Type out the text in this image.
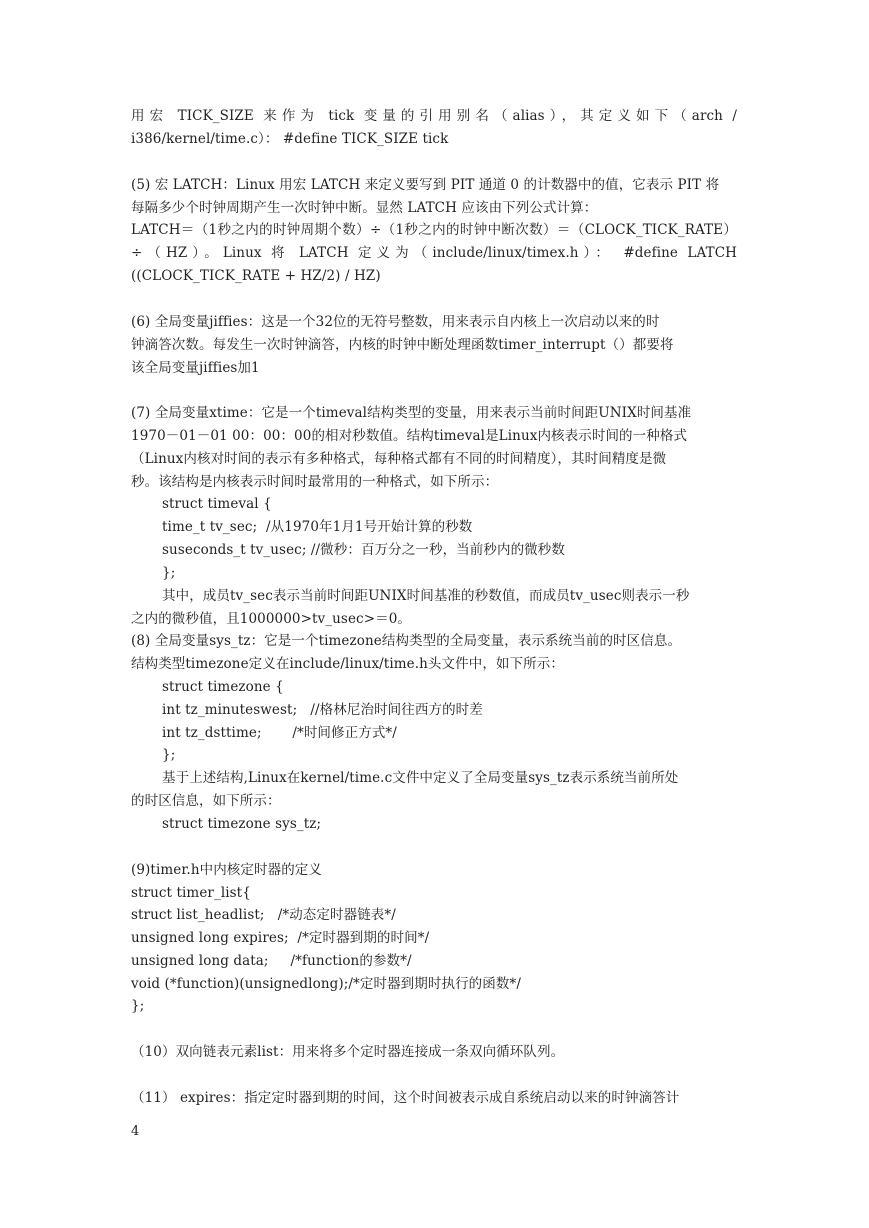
用宏 TICK_SIZE 来作为 tick 变量的引用别名（alias），其定义如下（arch /
i386/kernel/time.c）： #define TICK_SIZE tick
(5) 宏 LATCH：Linux 用宏 LATCH 来定义要写到 PIT 通道 0 的计数器中的值，它表示 PIT 将
每隔多少个时钟周期产生一次时钟中断。显然 LATCH 应该由下列公式计算：
LATCH＝（1秒之内的时钟周期个数）÷（1秒之内的时钟中断次数）＝（CLOCK_TICK_RATE）
÷（HZ）。Linux 将 LATCH 定义为（include/linux/timex.h）： #define LATCH
((CLOCK_TICK_RATE + HZ/2) / HZ)
(6) 全局变量jiffies：这是一个32位的无符号整数，用来表示自内核上一次启动以来的时
钟滴答次数。每发生一次时钟滴答，内核的时钟中断处理函数timer_interrupt（）都要将
该全局变量jiffies加1
(7) 全局变量xtime：它是一个timeval结构类型的变量，用来表示当前时间距UNIX时间基准
1970－01－01 00：00：00的相对秒数值。结构timeval是Linux内核表示时间的一种格式
（Linux内核对时间的表示有多种格式，每种格式都有不同的时间精度），其时间精度是微
秒。该结构是内核表示时间时最常用的一种格式，如下所示：
struct timeval {
time_t tv_sec;  /从1970年1月1号开始计算的秒数
suseconds_t tv_usec; //微秒：百万分之一秒，当前秒内的微秒数
};
其中，成员tv_sec表示当前时间距UNIX时间基准的秒数值，而成员tv_usec则表示一秒
之内的微秒值，且1000000>tv_usec>＝0。
(8) 全局变量sys_tz：它是一个timezone结构类型的全局变量，表示系统当前的时区信息。
结构类型timezone定义在include/linux/time.h头文件中，如下所示：
struct timezone {
int tz_minuteswest;   //格林尼治时间往西方的时差
int tz_dsttime;       /*时间修正方式*/
};
基于上述结构,Linux在kernel/time.c文件中定义了全局变量sys_tz表示系统当前所处
的时区信息，如下所示：
struct timezone sys_tz;
(9)timer.h中内核定时器的定义
struct timer_list{
struct list_headlist;   /*动态定时器链表*/
unsigned long expires;  /*定时器到期的时间*/
unsigned long data;     /*function的参数*/
void (*function)(unsignedlong);/*定时器到期时执行的函数*/
};
（10）双向链表元素list：用来将多个定时器连接成一条双向循环队列。
（11） expires：指定定时器到期的时间，这个时间被表示成自系统启动以来的时钟滴答计
4
